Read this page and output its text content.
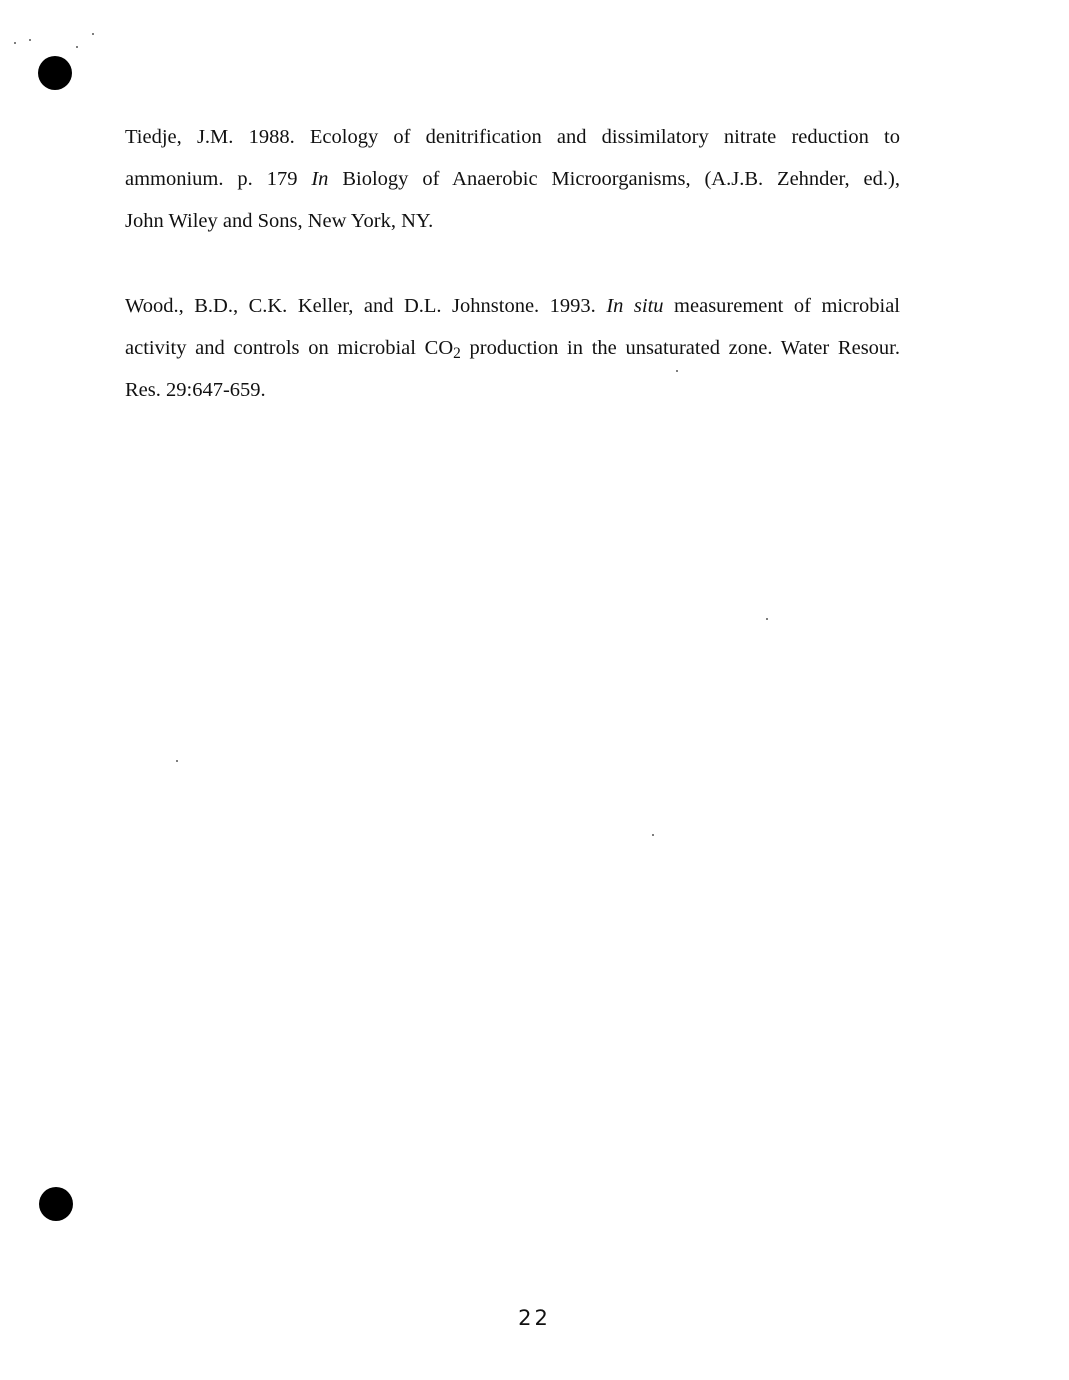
Tiedje, J.M. 1988. Ecology of denitrification and dissimilatory nitrate reduction to
ammonium. p. 179 In Biology of Anaerobic Microorganisms, (A.J.B. Zehnder, ed.),
John Wiley and Sons, New York, NY.
Wood., B.D., C.K. Keller, and D.L. Johnstone. 1993. In situ measurement of microbial
activity and controls on microbial $CO_2$ production in the unsaturated zone. Water Resour.
Res. 29:647-659.
22
